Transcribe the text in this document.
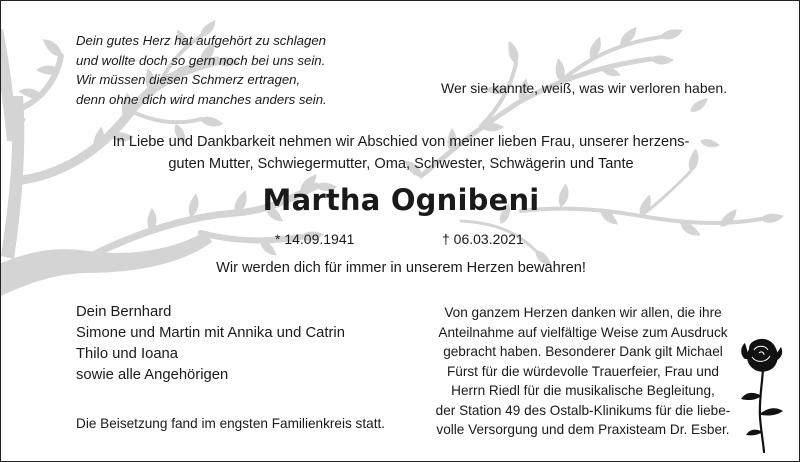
Dein gutes Herz hat aufgehört zu schlagen
und wollte doch so gern noch bei uns sein.
Wir müssen diesen Schmerz ertragen,
denn ohne dich wird manches anders sein.
Wer sie kannte, weiß, was wir verloren haben.
In Liebe und Dankbarkeit nehmen wir Abschied von meiner lieben Frau, unserer herzens-
guten Mutter, Schwiegermutter, Oma, Schwester, Schwägerin und Tante
Martha Ognibeni
* 14.09.1941	† 06.03.2021
Wir werden dich für immer in unserem Herzen bewahren!
Dein Bernhard
Simone und Martin mit Annika und Catrin
Thilo und Ioana
sowie alle Angehörigen
Die Beisetzung fand im engsten Familienkreis statt.
Von ganzem Herzen danken wir allen, die ihre
Anteilnahme auf vielfältige Weise zum Ausdruck
gebracht haben. Besonderer Dank gilt Michael
Fürst für die würdevolle Trauerfeier, Frau und
Herrn Riedl für die musikalische Begleitung,
der Station 49 des Ostalb-Klinikums für die liebe-
volle Versorgung und dem Praxisteam Dr. Esber.
